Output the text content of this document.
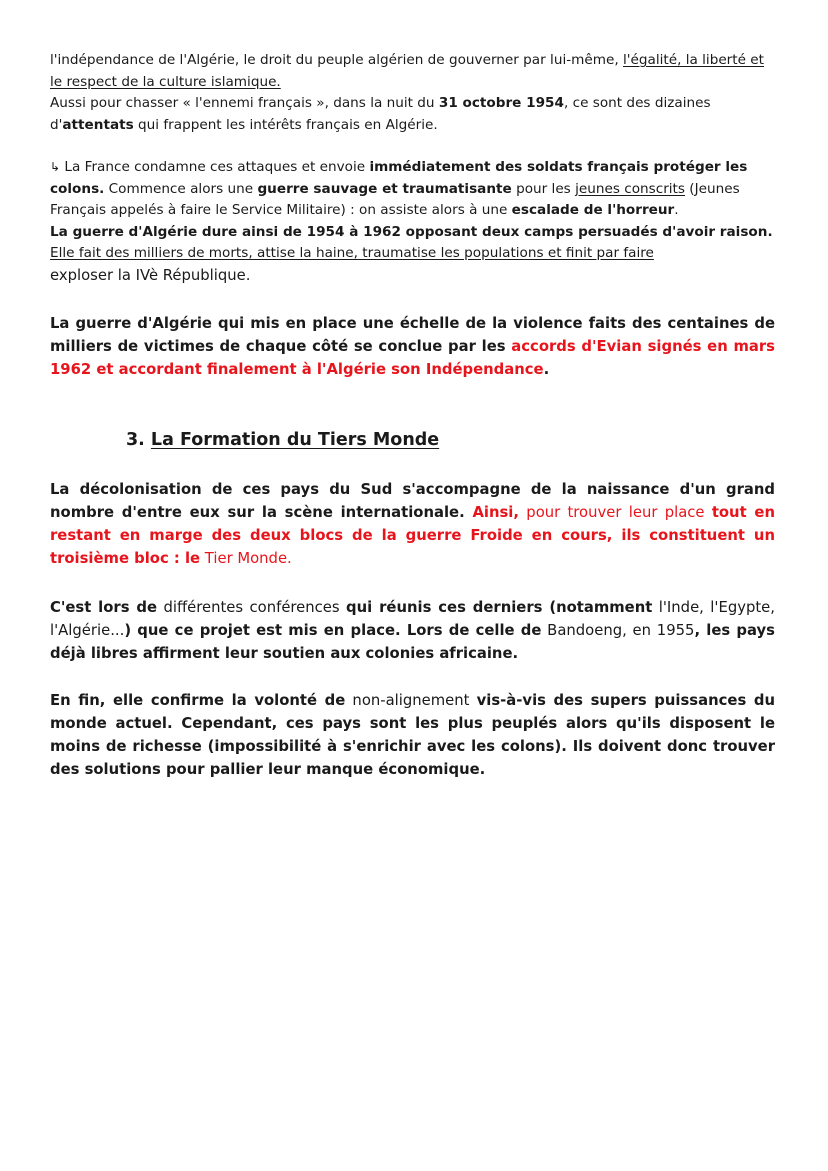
l'indépendance de l'Algérie, le droit du peuple algérien de gouverner par lui-même, l'égalité, la liberté et le respect de la culture islamique.
Aussi pour chasser « l'ennemi français », dans la nuit du 31 octobre 1954, ce sont des dizaines d'attentats qui frappent les intérêts français en Algérie.

↳ La France condamne ces attaques et envoie immédiatement des soldats français protéger les colons. Commence alors une guerre sauvage et traumatisante pour les jeunes conscrits (Jeunes Français appelés à faire le Service Militaire) : on assiste alors à une escalade de l'horreur.
La guerre d'Algérie dure ainsi de 1954 à 1962 opposant deux camps persuadés d'avoir raison. Elle fait des milliers de morts, attise la haine, traumatise les populations et finit par faire
exploser la IVè République.

La guerre d'Algérie qui mis en place une échelle de la violence faits des centaines de milliers de victimes de chaque côté se conclue par les accords d'Evian signés en mars 1962 et accordant finalement à l'Algérie son Indépendance.

3. La Formation du Tiers Monde

La décolonisation de ces pays du Sud s'accompagne de la naissance d'un grand nombre d'entre eux sur la scène internationale. Ainsi, pour trouver leur place tout en restant en marge des deux blocs de la guerre Froide en cours, ils constituent un troisième bloc : le Tier Monde.

C'est lors de différentes conférences qui réunis ces derniers (notamment l'Inde, l'Egypte, l'Algérie...) que ce projet est mis en place. Lors de celle de Bandoeng, en 1955, les pays déjà libres affirment leur soutien aux colonies africaine.

En fin, elle confirme la volonté de non-alignement vis-à-vis des supers puissances du monde actuel. Cependant, ces pays sont les plus peuplés alors qu'ils disposent le moins de richesse (impossibilité à s'enrichir avec les colons). Ils doivent donc trouver des solutions pour pallier leur manque économique.
